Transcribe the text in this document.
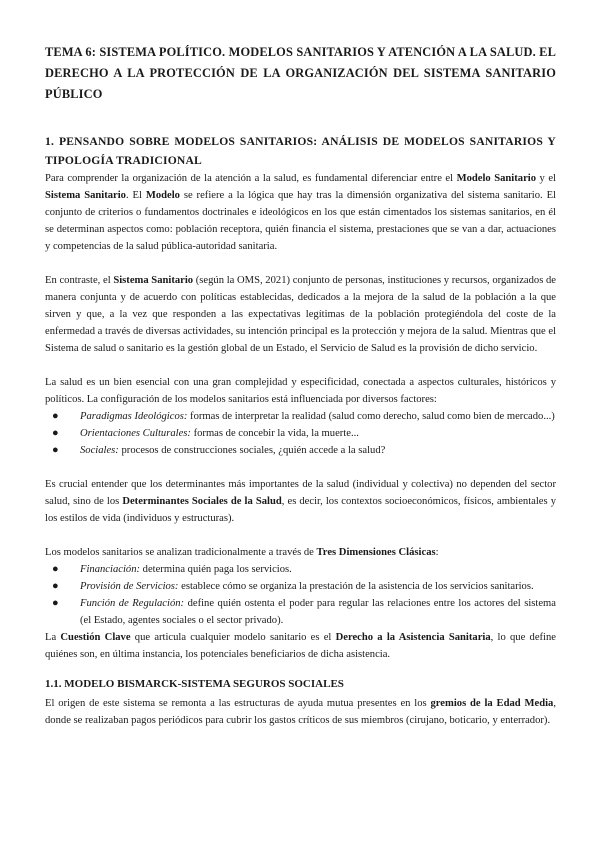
TEMA 6: SISTEMA POLÍTICO. MODELOS SANITARIOS Y ATENCIÓN A LA SALUD. EL DERECHO A LA PROTECCIÓN DE LA ORGANIZACIÓN DEL SISTEMA SANITARIO PÚBLICO
1. PENSANDO SOBRE MODELOS SANITARIOS: ANÁLISIS DE MODELOS SANITARIOS Y TIPOLOGÍA TRADICIONAL

Para comprender la organización de la atención a la salud, es fundamental diferenciar entre el Modelo Sanitario y el Sistema Sanitario. El Modelo se refiere a la lógica que hay tras la dimensión organizativa del sistema sanitario. El conjunto de criterios o fundamentos doctrinales e ideológicos en los que están cimentados los sistemas sanitarios, en él se determinan aspectos como: población receptora, quién financia el sistema, prestaciones que se van a dar, actuaciones y competencias de la salud pública-autoridad sanitaria.

En contraste, el Sistema Sanitario (según la OMS, 2021) conjunto de personas, instituciones y recursos, organizados de manera conjunta y de acuerdo con políticas establecidas, dedicados a la mejora de la salud de la población a la que sirven y que, a la vez que responden a las expectativas legítimas de la población protegiéndola del coste de la enfermedad a través de diversas actividades, su intención principal es la protección y mejora de la salud. Mientras que el Sistema de salud o sanitario es la gestión global de un Estado, el Servicio de Salud es la provisión de dicho servicio.

La salud es un bien esencial con una gran complejidad y especificidad, conectada a aspectos culturales, históricos y políticos. La configuración de los modelos sanitarios está influenciada por diversos factores:

● Paradigmas Ideológicos: formas de interpretar la realidad (salud como derecho, salud como bien de mercado...)
● Orientaciones Culturales: formas de concebir la vida, la muerte...
● Sociales: procesos de construcciones sociales, ¿quién accede a la salud?

Es crucial entender que los determinantes más importantes de la salud (individual y colectiva) no dependen del sector salud, sino de los Determinantes Sociales de la Salud, es decir, los contextos socioeconómicos, físicos, ambientales y los estilos de vida (individuos y estructuras).

Los modelos sanitarios se analizan tradicionalmente a través de Tres Dimensiones Clásicas:

● Financiación: determina quién paga los servicios.
● Provisión de Servicios: establece cómo se organiza la prestación de la asistencia de los servicios sanitarios.
● Función de Regulación: define quién ostenta el poder para regular las relaciones entre los actores del sistema (el Estado, agentes sociales o el sector privado).

La Cuestión Clave que articula cualquier modelo sanitario es el Derecho a la Asistencia Sanitaria, lo que define quiénes son, en última instancia, los potenciales beneficiarios de dicha asistencia.

1.1. MODELO BISMARCK-SISTEMA SEGUROS SOCIALES

El origen de este sistema se remonta a las estructuras de ayuda mutua presentes en los gremios de la Edad Media, donde se realizaban pagos periódicos para cubrir los gastos críticos de sus miembros (cirujano, boticario, y enterrador).
